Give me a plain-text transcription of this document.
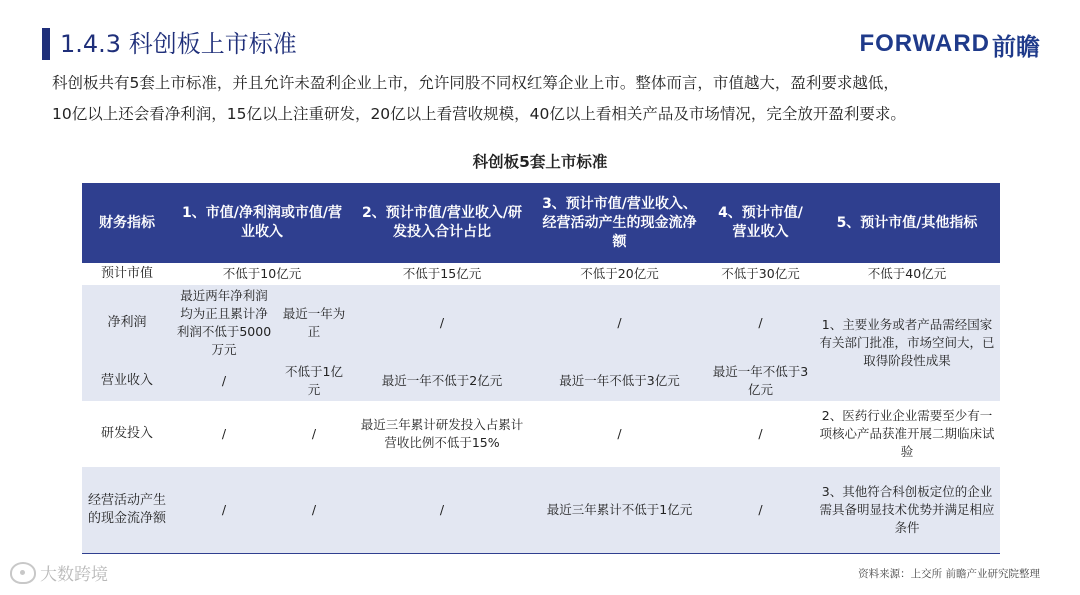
1.4.3 科创板上市标准	FORWARD 前瞻
科创板共有5套上市标准，并且允许未盈利企业上市，允许同股不同权红筹企业上市。整体而言，市值越大，盈利要求越低，
10亿以上还会看净利润，15亿以上注重研发，20亿以上看营收规模，40亿以上看相关产品及市场情况，完全放开盈利要求。
科创板5套上市标准
财务指标	1、市值/净利润或市值/营业收入		2、预计市值/营业收入/研发投入合计占比	3、预计市值/营业收入、经营活动产生的现金流净额	4、预计市值/营业收入	5、预计市值/其他指标
预计市值	不低于10亿元		不低于15亿元	不低于20亿元	不低于30亿元	不低于40亿元
净利润	最近两年净利润均为正且累计净利润不低于5000万元	最近一年为正	/	/	/	1、主要业务或者产品需经国家有关部门批准，市场空间大，已取得阶段性成果
营业收入	/	不低于1亿元	最近一年不低于2亿元	最近一年不低于3亿元	最近一年不低于3亿元	
研发投入	/	/	最近三年累计研发投入占累计营收比例不低于15%	/	/	2、医药行业企业需要至少有一项核心产品获准开展二期临床试验
经营活动产生的现金流净额	/	/	/	最近三年累计不低于1亿元	/	3、其他符合科创板定位的企业需具备明显技术优势并满足相应条件
大数跨境	资料来源：上交所 前瞻产业研究院整理
